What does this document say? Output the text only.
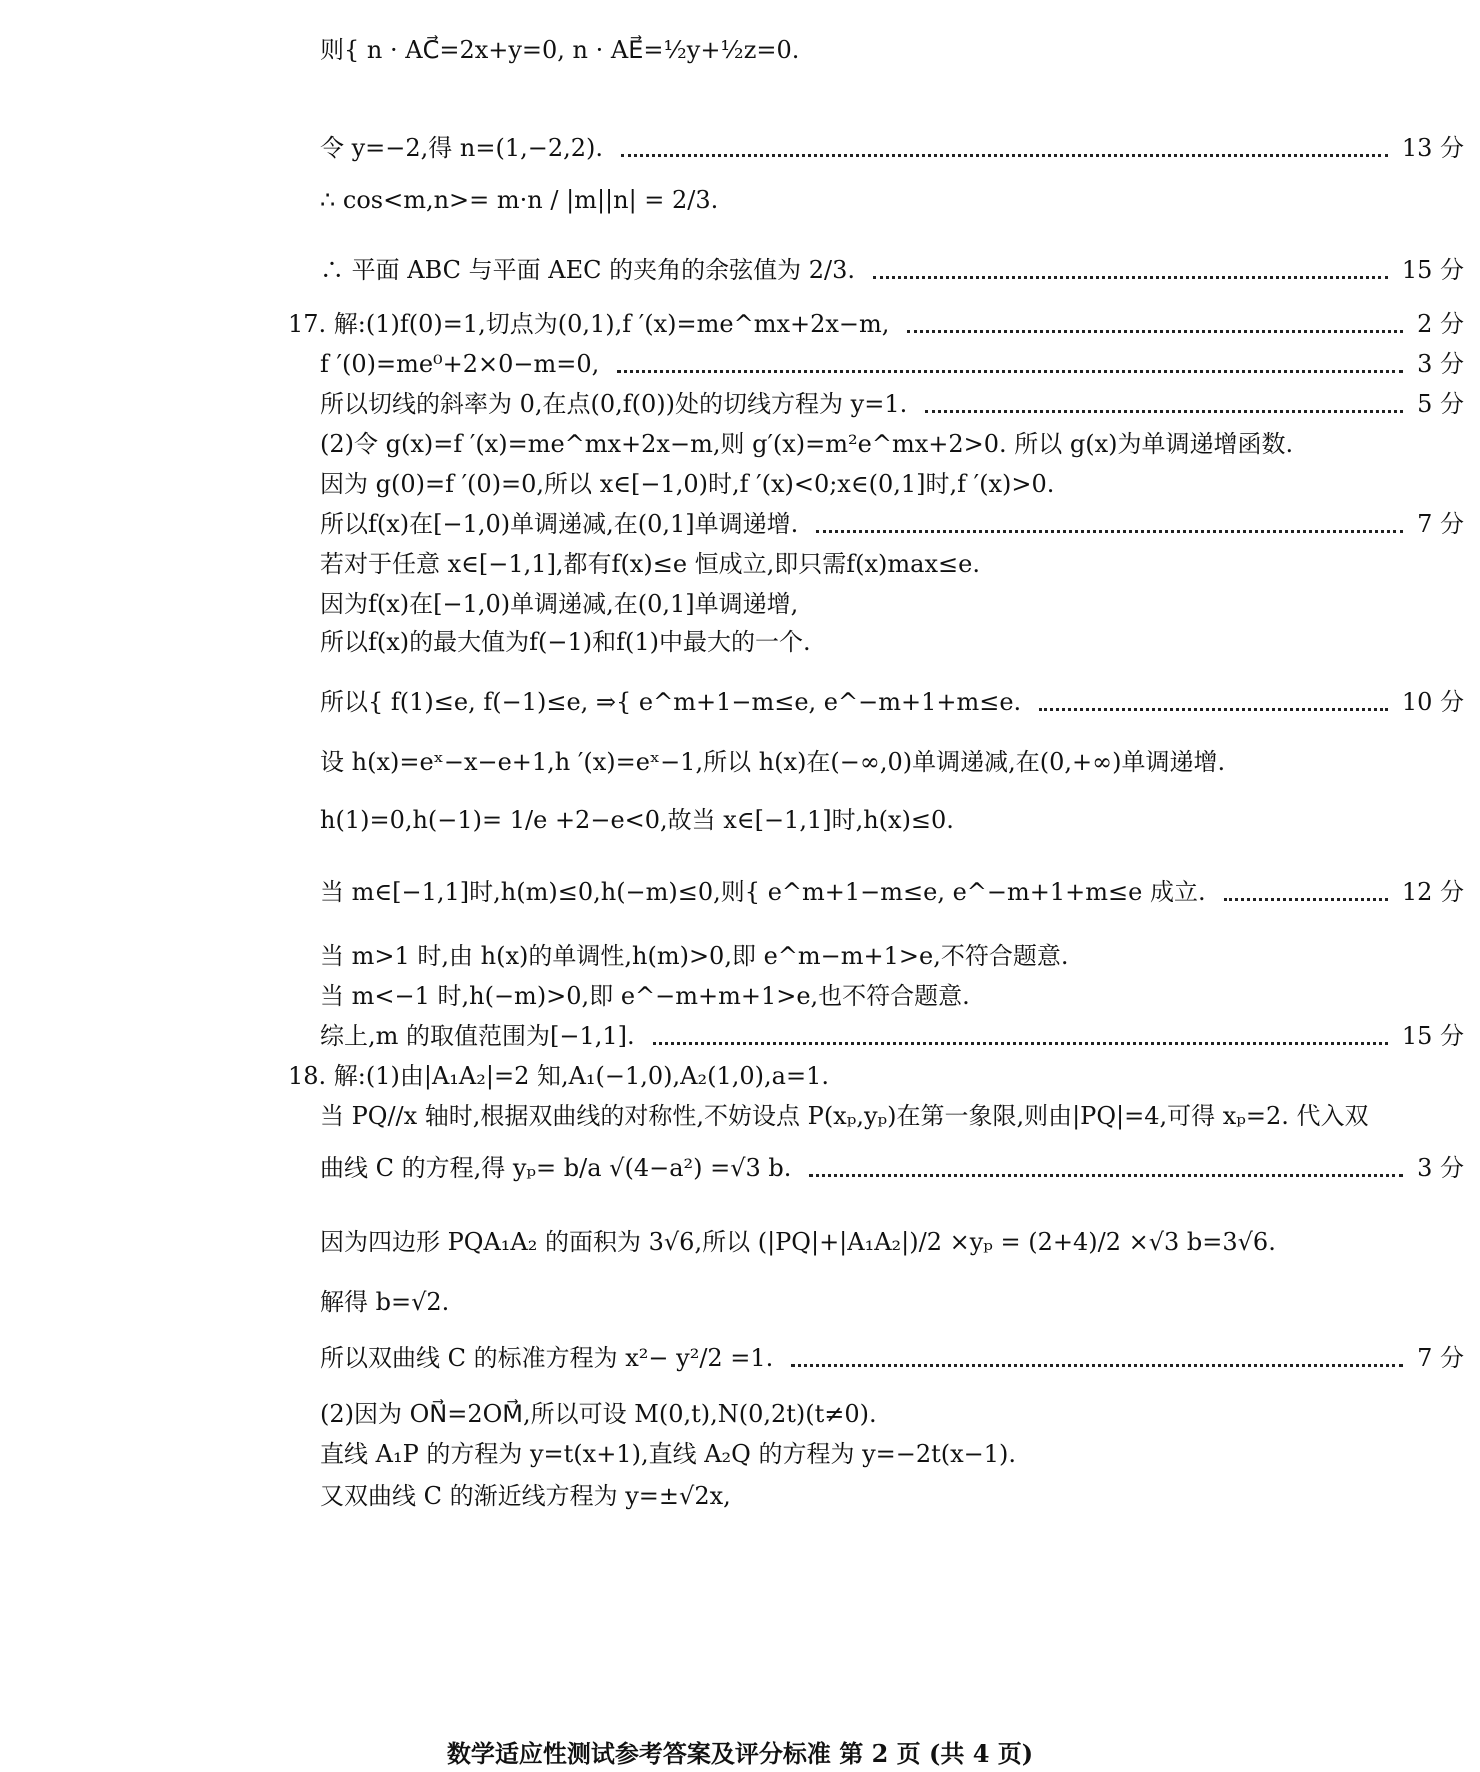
则{ n · AC⃗=2x+y=0, n · AE⃗=½y+½z=0.
令 y=−2,得 n=(1,−2,2).	13 分
∴ cos<m,n>= m·n / |m||n| = 2/3.
∴ 平面 ABC 与平面 AEC 的夹角的余弦值为 2/3.	15 分
17. 解:(1)f(0)=1,切点为(0,1),f ′(x)=me^mx+2x−m,	2 分
f ′(0)=me⁰+2×0−m=0,	3 分
所以切线的斜率为 0,在点(0,f(0))处的切线方程为 y=1.	5 分
(2)令 g(x)=f ′(x)=me^mx+2x−m,则 g′(x)=m²e^mx+2>0. 所以 g(x)为单调递增函数.
因为 g(0)=f ′(0)=0,所以 x∈[−1,0)时,f ′(x)<0;x∈(0,1]时,f ′(x)>0.
所以f(x)在[−1,0)单调递减,在(0,1]单调递增.	7 分
若对于任意 x∈[−1,1],都有f(x)≤e 恒成立,即只需f(x)max≤e.
因为f(x)在[−1,0)单调递减,在(0,1]单调递增,
所以f(x)的最大值为f(−1)和f(1)中最大的一个.
所以{ f(1)≤e, f(−1)≤e, ⇒{ e^m+1−m≤e, e^−m+1+m≤e.	10 分
设 h(x)=eˣ−x−e+1,h ′(x)=eˣ−1,所以 h(x)在(−∞,0)单调递减,在(0,+∞)单调递增.
h(1)=0,h(−1)= 1/e +2−e<0,故当 x∈[−1,1]时,h(x)≤0.
当 m∈[−1,1]时,h(m)≤0,h(−m)≤0,则{ e^m+1−m≤e, e^−m+1+m≤e 成立.	12 分
当 m>1 时,由 h(x)的单调性,h(m)>0,即 e^m−m+1>e,不符合题意.
当 m<−1 时,h(−m)>0,即 e^−m+m+1>e,也不符合题意.
综上,m 的取值范围为[−1,1].	15 分
18. 解:(1)由|A₁A₂|=2 知,A₁(−1,0),A₂(1,0),a=1.
当 PQ//x 轴时,根据双曲线的对称性,不妨设点 P(xₚ,yₚ)在第一象限,则由|PQ|=4,可得 xₚ=2. 代入双
曲线 C 的方程,得 yₚ= b/a √(4−a²) =√3 b.	3 分
因为四边形 PQA₁A₂ 的面积为 3√6,所以 (|PQ|+|A₁A₂|)/2 ×yₚ = (2+4)/2 ×√3 b=3√6.
解得 b=√2.
所以双曲线 C 的标准方程为 x²− y²/2 =1.	7 分
(2)因为 ON⃗=2OM⃗,所以可设 M(0,t),N(0,2t)(t≠0).
直线 A₁P 的方程为 y=t(x+1),直线 A₂Q 的方程为 y=−2t(x−1).
又双曲线 C 的渐近线方程为 y=±√2x,
数学适应性测试参考答案及评分标准 第 2 页 (共 4 页)
